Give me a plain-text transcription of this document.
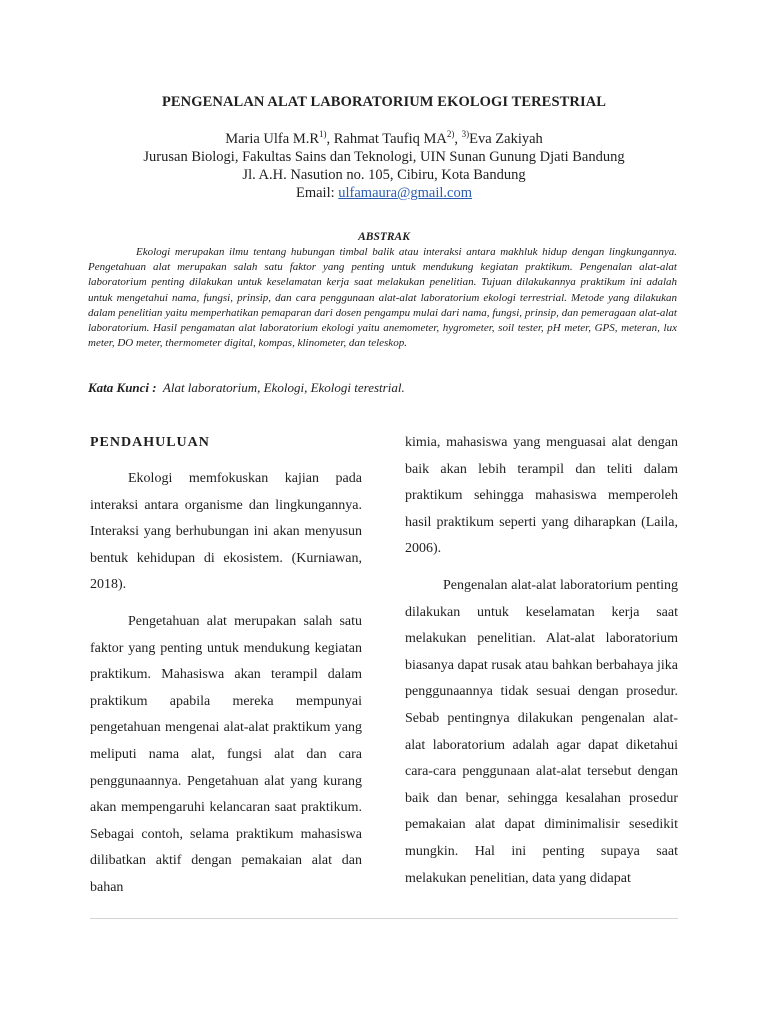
PENGENALAN ALAT LABORATORIUM EKOLOGI TERESTRIAL
Maria Ulfa $M.R^{1)}$, Rahmat Taufiq MA$^{2)}$, $^{3)}$Eva Zakiyah
Jurusan Biologi, Fakultas Sains dan Teknologi, UIN Sunan Gunung Djati Bandung
Jl. A.H. Nasution no. 105, Cibiru, Kota Bandung
Email: ulfamaura@gmail.com
ABSTRAK
Ekologi merupakan ilmu tentang hubungan timbal balik atau interaksi antara makhluk hidup dengan lingkungannya. Pengetahuan alat merupakan salah satu faktor yang penting untuk mendukung kegiatan praktikum. Pengenalan alat-alat laboratorium penting dilakukan untuk keselamatan kerja saat melakukan penelitian. Tujuan dilakukannya praktikum ini adalah untuk mengetahui nama, fungsi, prinsip, dan cara penggunaan alat-alat laboratorium ekologi terrestrial. Metode yang dilakukan dalam penelitian yaitu memperhatikan pemaparan dari dosen pengampu mulai dari nama, fungsi, prinsip, dan pemeragaan alat-alat laboratorium. Hasil pengamatan alat laboratorium ekologi yaitu anemometer, hygrometer, soil tester, pH meter, GPS, meteran, lux meter, DO meter, thermometer digital, kompas, klinometer, dan teleskop.
Kata Kunci : Alat laboratorium, Ekologi, Ekologi terestrial.
PENDAHULUAN

Ekologi memfokuskan kajian pada interaksi antara organisme dan lingkungannya. Interaksi yang berhubungan ini akan menyusun bentuk kehidupan di ekosistem. (Kurniawan, 2018).

Pengetahuan alat merupakan salah satu faktor yang penting untuk mendukung kegiatan praktikum. Mahasiswa akan terampil dalam praktikum apabila mereka mempunyai pengetahuan mengenai alat-alat praktikum yang meliputi nama alat, fungsi alat dan cara penggunaannya. Pengetahuan alat yang kurang akan mempengaruhi kelancaran saat praktikum. Sebagai contoh, selama praktikum mahasiswa dilibatkan aktif dengan pemakaian alat dan bahan

kimia, mahasiswa yang menguasai alat dengan baik akan lebih terampil dan teliti dalam praktikum sehingga mahasiswa memperoleh hasil praktikum seperti yang diharapkan (Laila, 2006).

Pengenalan alat-alat laboratorium penting dilakukan untuk keselamatan kerja saat melakukan penelitian. Alat-alat laboratorium biasanya dapat rusak atau bahkan berbahaya jika penggunaannya tidak sesuai dengan prosedur. Sebab pentingnya dilakukan pengenalan alat-alat laboratorium adalah agar dapat diketahui cara-cara penggunaan alat-alat tersebut dengan baik dan benar, sehingga kesalahan prosedur pemakaian alat dapat diminimalisir sesedikit mungkin. Hal ini penting supaya saat melakukan penelitian, data yang didapat
